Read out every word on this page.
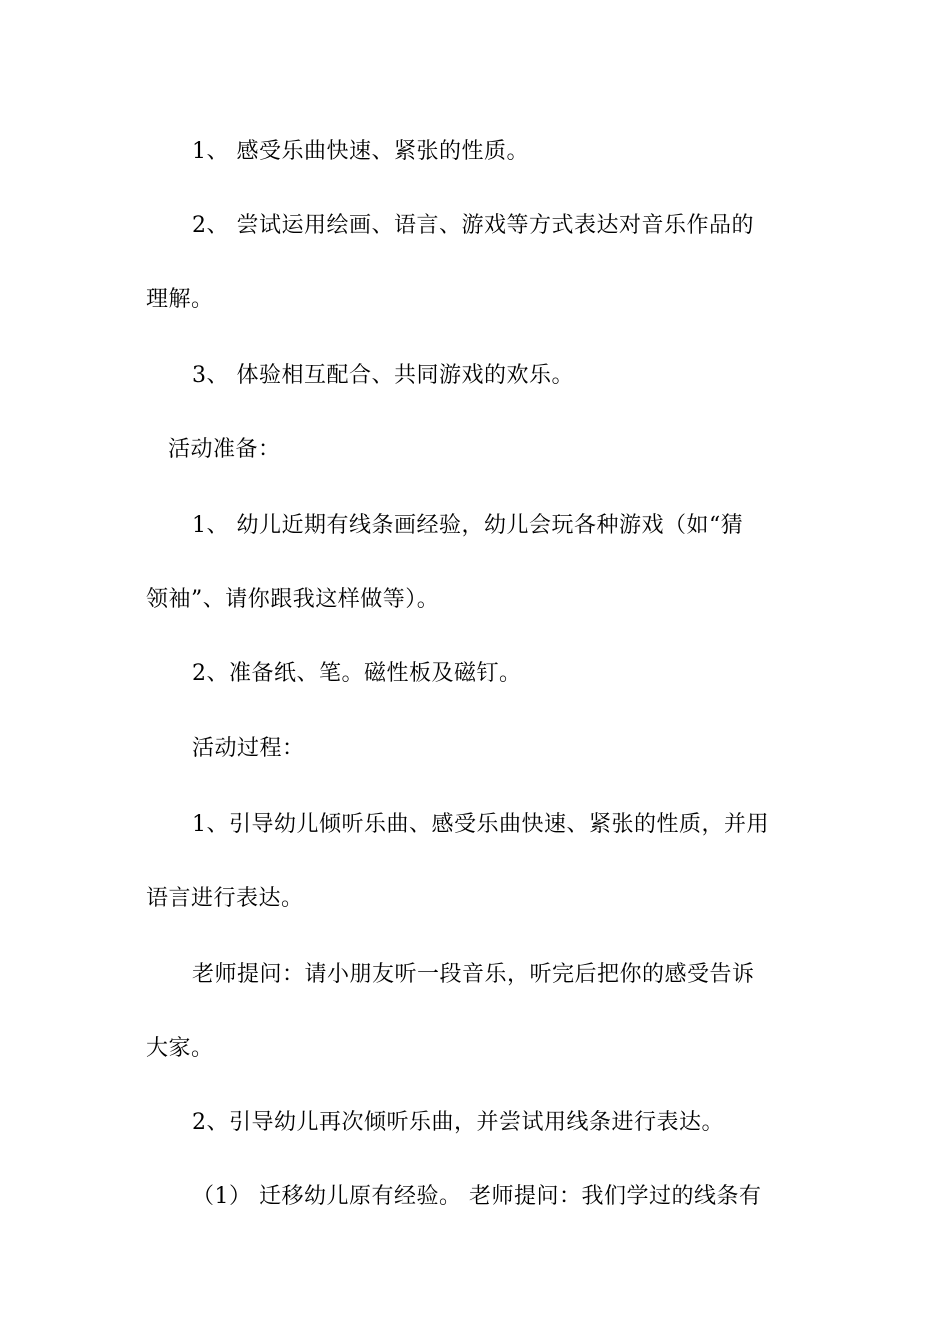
1、 感受乐曲快速、紧张的性质。
2、 尝试运用绘画、语言、游戏等方式表达对音乐作品的
理解。
3、 体验相互配合、共同游戏的欢乐。
活动准备：
1、 幼儿近期有线条画经验，幼儿会玩各种游戏（如“猜
领袖”、请你跟我这样做等）。
2、准备纸、笔。磁性板及磁钉。
活动过程：
1、引导幼儿倾听乐曲、感受乐曲快速、紧张的性质，并用
语言进行表达。
老师提问：请小朋友听一段音乐，听完后把你的感受告诉
大家。
2、引导幼儿再次倾听乐曲，并尝试用线条进行表达。
（1） 迁移幼儿原有经验。 老师提问：我们学过的线条有
